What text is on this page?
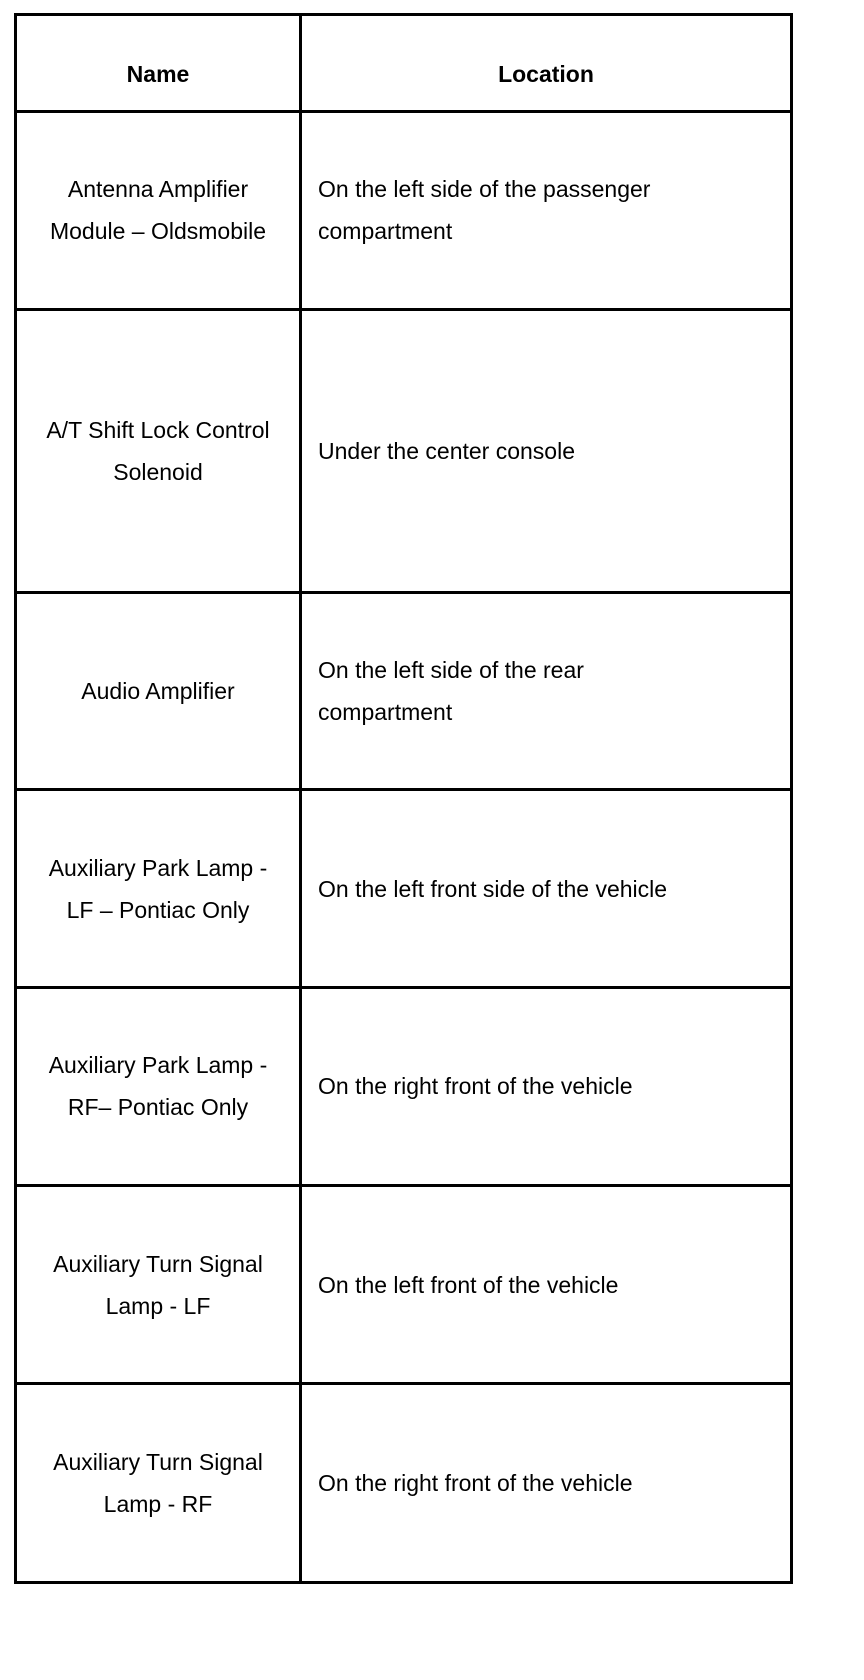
Name	Location
Antenna Amplifier Module – Oldsmobile	On the left side of the passenger compartment
A/T Shift Lock Control Solenoid	Under the center console
Audio Amplifier	On the left side of the rear compartment
Auxiliary Park Lamp - LF – Pontiac Only	On the left front side of the vehicle
Auxiliary Park Lamp - RF– Pontiac Only	On the right front of the vehicle
Auxiliary Turn Signal Lamp - LF	On the left front of the vehicle
Auxiliary Turn Signal Lamp - RF	On the right front of the vehicle
